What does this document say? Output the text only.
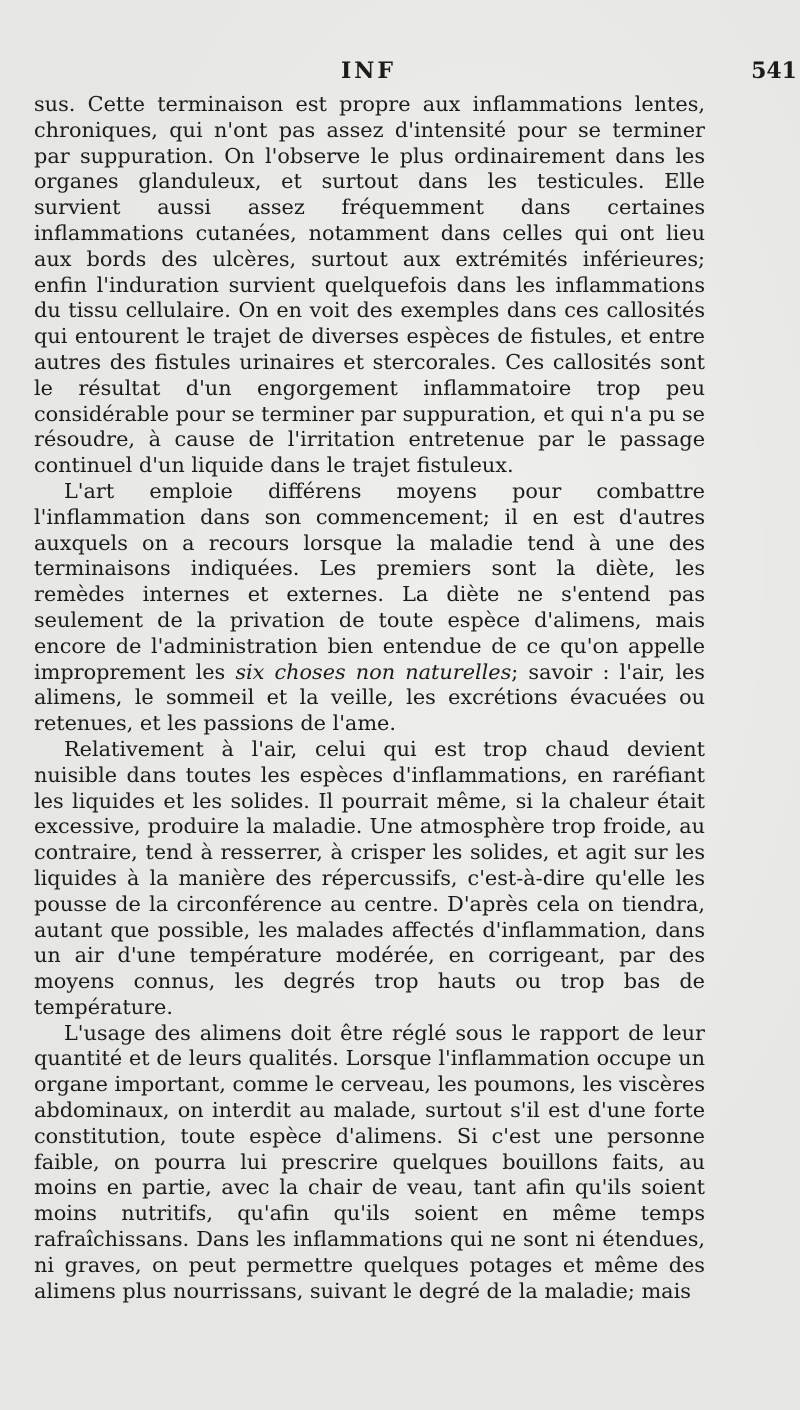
INF	541

sus. Cette terminaison est propre aux inflammations lentes, chroniques, qui n'ont pas assez d'intensité pour se terminer par suppuration. On l'observe le plus ordinairement dans les organes glanduleux, et surtout dans les testicules. Elle survient aussi assez fréquemment dans certaines inflammations cutanées, notamment dans celles qui ont lieu aux bords des ulcères, surtout aux extrémités inférieures; enfin l'induration survient quelquefois dans les inflammations du tissu cellulaire. On en voit des exemples dans ces callosités qui entourent le trajet de diverses espèces de fistules, et entre autres des fistules urinaires et stercorales. Ces callosités sont le résultat d'un engorgement inflammatoire trop peu considérable pour se terminer par suppuration, et qui n'a pu se résoudre, à cause de l'irritation entretenue par le passage continuel d'un liquide dans le trajet fistuleux.

L'art emploie différens moyens pour combattre l'inflammation dans son commencement; il en est d'autres auxquels on a recours lorsque la maladie tend à une des terminaisons indiquées. Les premiers sont la diète, les remèdes internes et externes. La diète ne s'entend pas seulement de la privation de toute espèce d'alimens, mais encore de l'administration bien entendue de ce qu'on appelle improprement les six choses non naturelles; savoir : l'air, les alimens, le sommeil et la veille, les excrétions évacuées ou retenues, et les passions de l'ame.

Relativement à l'air, celui qui est trop chaud devient nuisible dans toutes les espèces d'inflammations, en raréfiant les liquides et les solides. Il pourrait même, si la chaleur était excessive, produire la maladie. Une atmosphère trop froide, au contraire, tend à resserrer, à crisper les solides, et agit sur les liquides à la manière des répercussifs, c'est-à-dire qu'elle les pousse de la circonférence au centre. D'après cela on tiendra, autant que possible, les malades affectés d'inflammation, dans un air d'une température modérée, en corrigeant, par des moyens connus, les degrés trop hauts ou trop bas de température.

L'usage des alimens doit être réglé sous le rapport de leur quantité et de leurs qualités. Lorsque l'inflammation occupe un organe important, comme le cerveau, les poumons, les viscères abdominaux, on interdit au malade, surtout s'il est d'une forte constitution, toute espèce d'alimens. Si c'est une personne faible, on pourra lui prescrire quelques bouillons faits, au moins en partie, avec la chair de veau, tant afin qu'ils soient moins nutritifs, qu'afin qu'ils soient en même temps rafraîchissans. Dans les inflammations qui ne sont ni étendues, ni graves, on peut permettre quelques potages et même des alimens plus nourrissans, suivant le degré de la maladie; mais
